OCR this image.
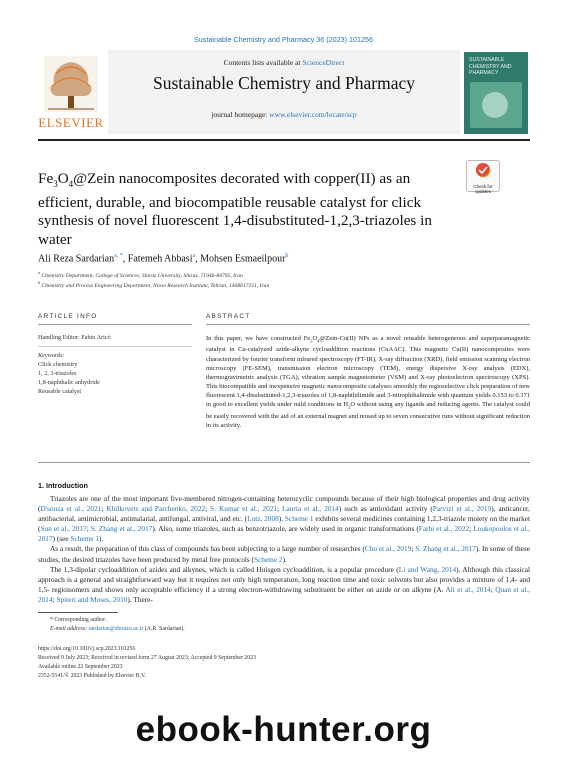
Sustainable Chemistry and Pharmacy 36 (2023) 101256
ELSEVIER
Contents lists available at ScienceDirect
Sustainable Chemistry and Pharmacy
journal homepage: www.elsevier.com/locate/scp
SUSTAINABLE CHEMISTRY AND PHARMACY
$Fe_3O_4@Zein$ nanocomposites decorated with copper(II) as an efficient, durable, and biocompatible reusable catalyst for click synthesis of novel fluorescent 1,4-disubstituted-1,2,3-triazoles in water
Check for
updates
Ali Reza Sardarian$^{a, *}$, Fatemeh Abbasi$^a$, Mohsen Esmaeilpour$^b$
$^a$ Chemistry Department, College of Sciences, Shiraz University, Shiraz, 71946-84795, Iran
$^b$ Chemistry and Process Engineering Department, Niroo Research Institute, Tehran, 1468617151, Iran
ARTICLE INFO
Handling Editor: Fabio Aricò
Keywords:
Click chemistry
1, 2, 3-triazoles
1,8-naphthalic anhydride
Reusable catalyst
ABSTRACT
In this paper, we have constructed $Fe_3O_4@Zein-Cu(II)$ NPs as a novel reusable heterogeneous and superparamagnetic catalyst in Cu-catalyzed azide-alkyne cycloaddition reactions (CuAAC). This magnetic Cu(II) nanocomposites were characterized by fourier transform infrared spectroscopy (FT-IR), X-ray diffraction (XRD), field emission scanning electron microscopy (FE-SEM), transmission electron microscopy (TEM), energy dispersive X-ray analysis (EDX), thermogravimetric analysis (TGA), vibration sample magnetometer (VSM) and X-ray photoelectron spectroscopy (XPS). This biocompatible and inexpensive magnetic nanocomposite catalyses smoothly the regioselective click preparation of new fluorescent 1,4-disubstituted-1,2,3-triazoles of 1,8-naphthilimide and 3-nitrophthalimide with quantum yields 0.153 to 0.371 in good to excellent yields under mild conditions in $H_2O$ without using any ligands and reducing agents. The catalyst could be easily recovered with the aid of an external magnet and reused up to seven consecutive runs without significant reduction in its activity.
1. Introduction

Triazoles are one of the most important five-membered nitrogen-containing heterocyclic compounds because of their high biological properties and drug activity (D'souza et al., 2021; Khilkovets and Parchenko, 2022; S. Kumar et al., 2021; Lauria et al., 2014) such as antioxidant activity (Parvizi et al., 2019), anticancer, antibacterial, antimicrobial, antimalarial, antifungal, antiviral, and etc. (Lutz, 2008). Scheme 1 exhibits several medicines containing 1,2,3-triazole moiety on the market (Sun et al., 2017; S. Zhang et al., 2017). Also, some triazoles, such as benzotriazole, are widely used in organic transformations (Farhi et al., 2022; Loukopoulos et al., 2017) (see Scheme 1).

As a result, the preparation of this class of compounds has been subjecting to a large number of researches (Chu et al., 2019; S. Zhang et al., 2017). In some of these studies, the desired triazoles have been produced by metal free protocols (Scheme 2).

The 1,3-dipolar cycloaddition of azides and alkynes, which is called Huisgen cycloaddition, is a popular procedure (Li and Wang, 2014). Although this classical approach is a general and straightforward way but it requires not only high temperature, long reaction time and toxic solvents but also provides a mixture of 1,4- and 1,5- regioisomers and shows only acceptable efficiency if a strong electron-withdrawing substituent be either on azide or on alkyne (A. Ali et al., 2014; Quan et al., 2014; Spiteri and Moses, 2010). There-

* Corresponding author.
E-mail address: sardarian@shirazu.ac.ir (A.R. Sardarian).
https://doi.org/10.1016/j.scp.2023.101256
Received 9 July 2023; Received in revised form 27 August 2023; Accepted 9 September 2023
Available online 22 September 2023
2352-5541/© 2023 Published by Elsevier B.V.
ebook-hunter.org
